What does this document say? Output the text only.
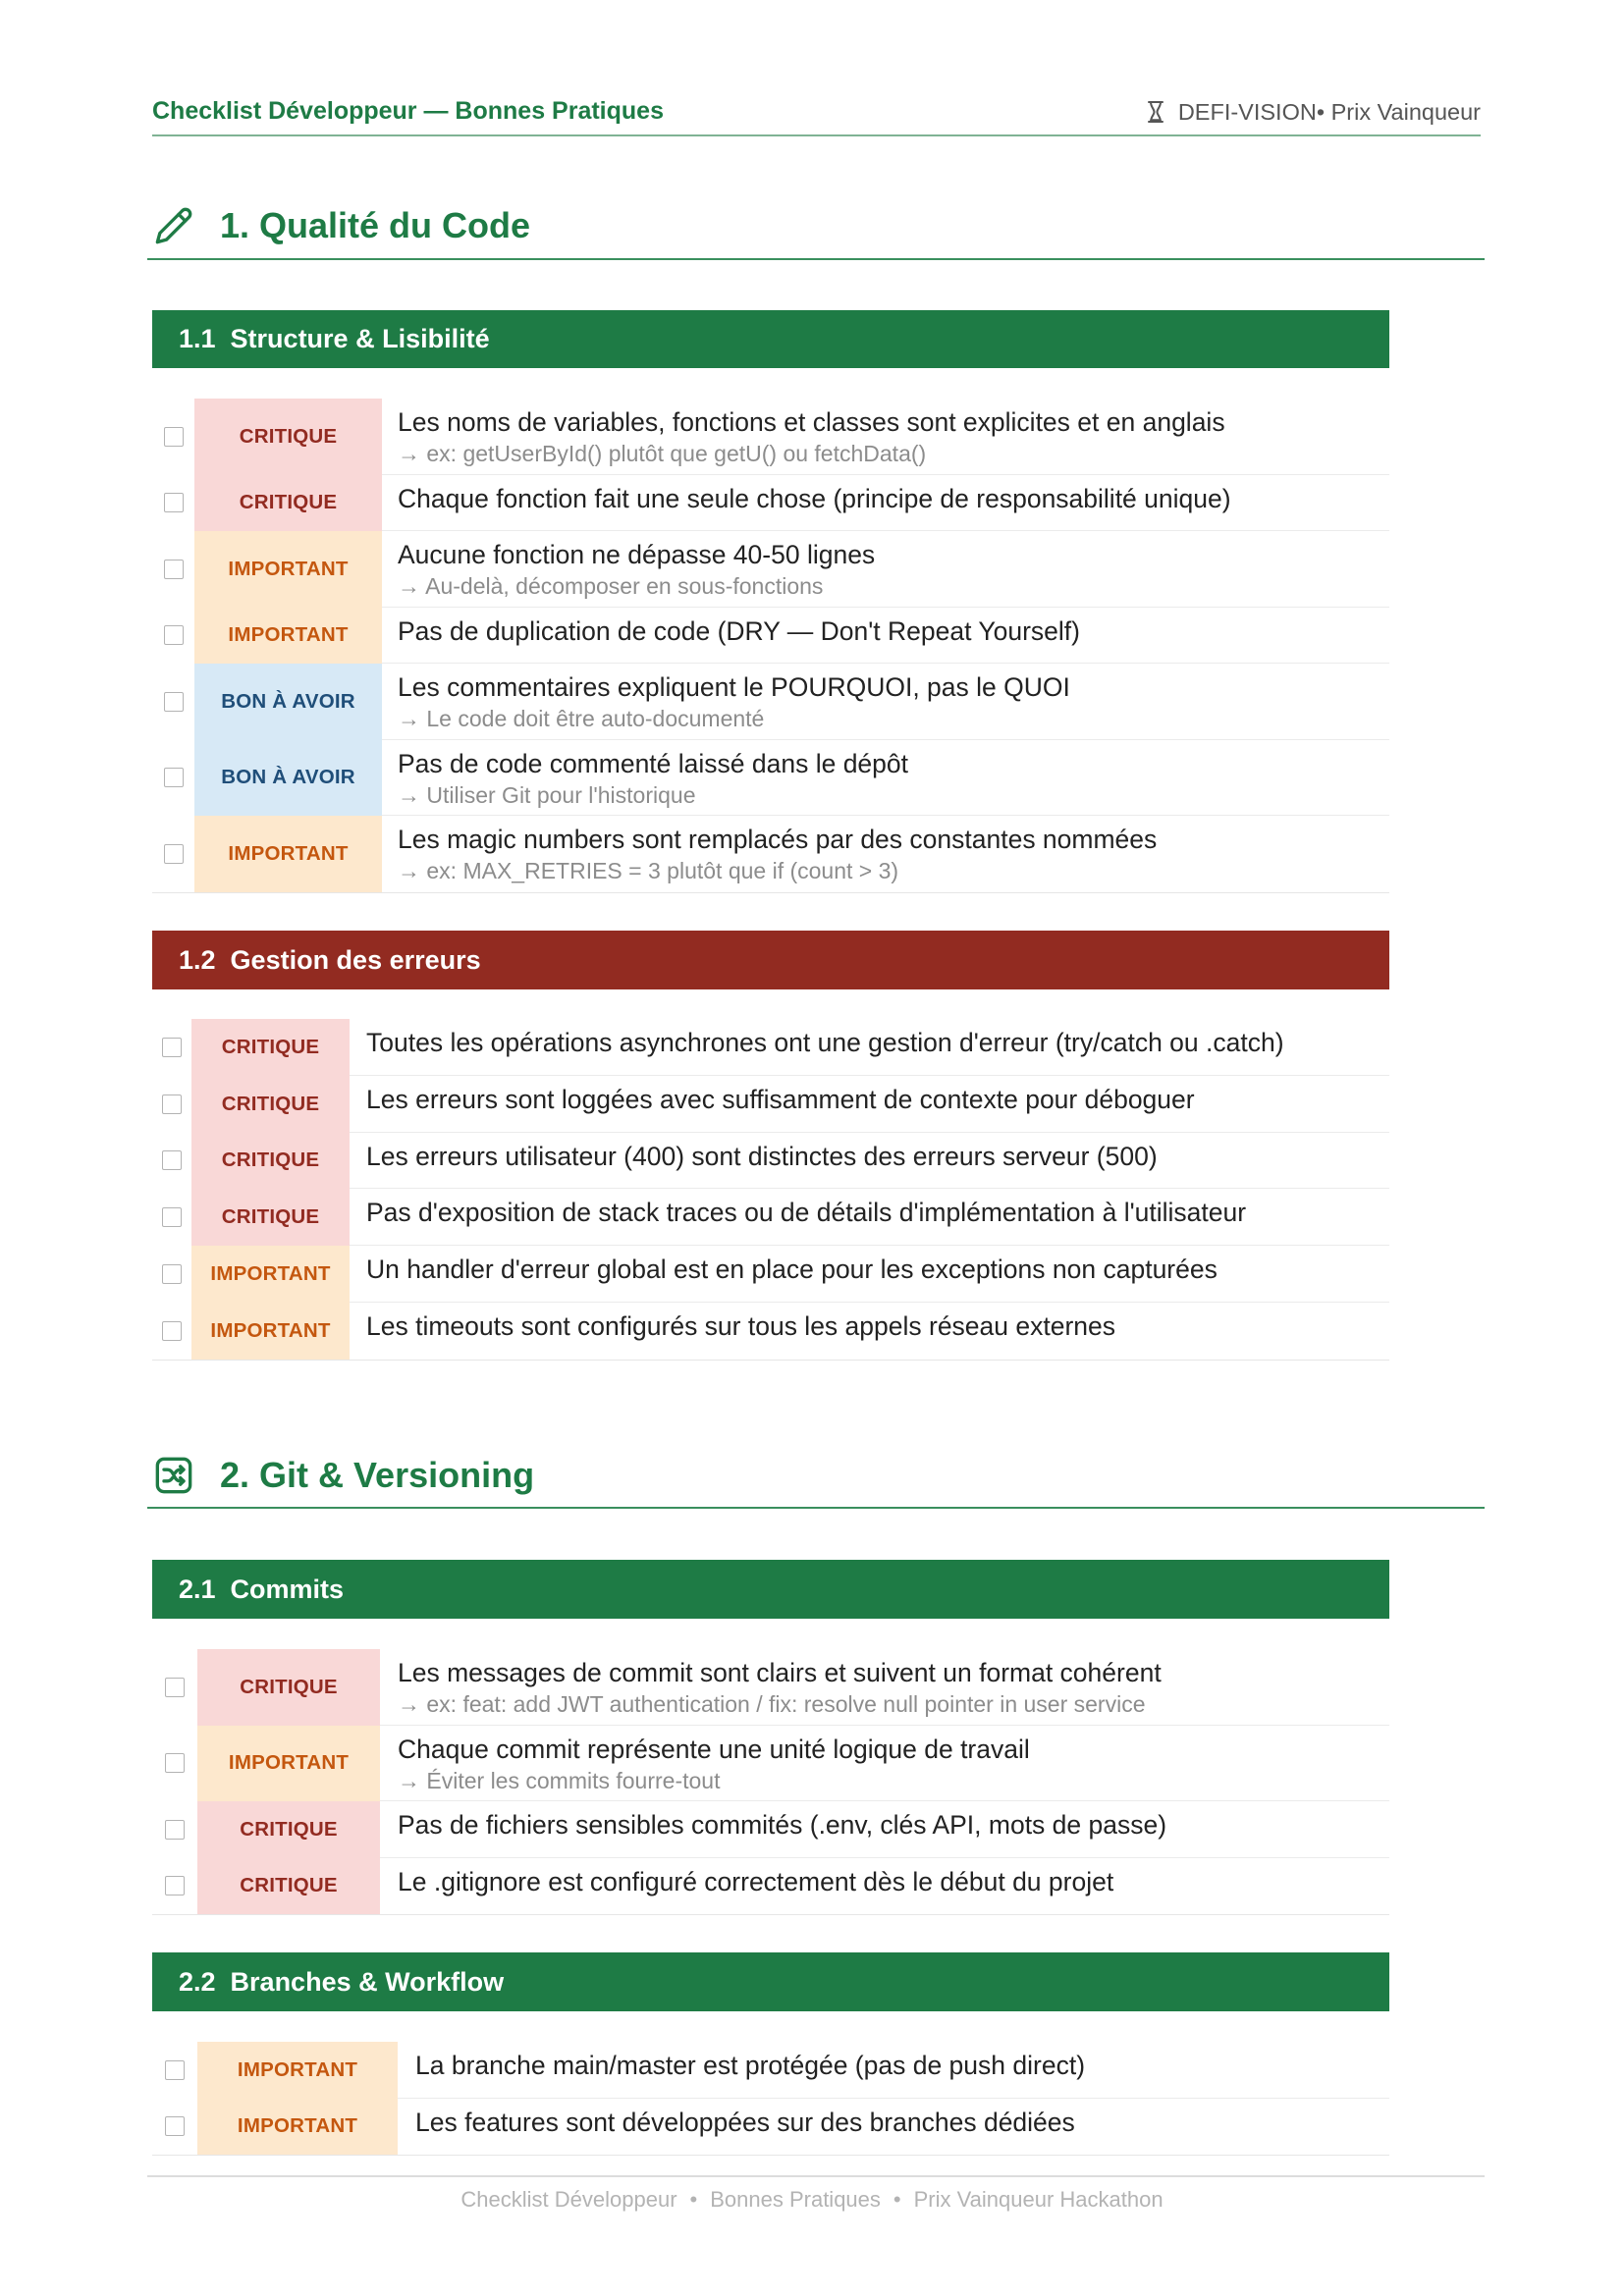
Checklist Développeur — Bonnes Pratiques	DEFI-VISION• Prix Vainqueur
1. Qualité du Code
1.1 Structure & Lisibilité
CRITIQUE	Les noms de variables, fonctions et classes sont explicites et en anglais
→ ex: getUserById() plutôt que getU() ou fetchData()
CRITIQUE	Chaque fonction fait une seule chose (principe de responsabilité unique)
IMPORTANT	Aucune fonction ne dépasse 40-50 lignes
→ Au-delà, décomposer en sous-fonctions
IMPORTANT	Pas de duplication de code (DRY — Don't Repeat Yourself)
BON À AVOIR	Les commentaires expliquent le POURQUOI, pas le QUOI
→ Le code doit être auto-documenté
BON À AVOIR	Pas de code commenté laissé dans le dépôt
→ Utiliser Git pour l'historique
IMPORTANT	Les magic numbers sont remplacés par des constantes nommées
→ ex: MAX_RETRIES = 3 plutôt que if (count > 3)
1.2 Gestion des erreurs
CRITIQUE	Toutes les opérations asynchrones ont une gestion d'erreur (try/catch ou .catch)
CRITIQUE	Les erreurs sont loggées avec suffisamment de contexte pour déboguer
CRITIQUE	Les erreurs utilisateur (400) sont distinctes des erreurs serveur (500)
CRITIQUE	Pas d'exposition de stack traces ou de détails d'implémentation à l'utilisateur
IMPORTANT	Un handler d'erreur global est en place pour les exceptions non capturées
IMPORTANT	Les timeouts sont configurés sur tous les appels réseau externes
2. Git & Versioning
2.1 Commits
CRITIQUE	Les messages de commit sont clairs et suivent un format cohérent
→ ex: feat: add JWT authentication / fix: resolve null pointer in user service
IMPORTANT	Chaque commit représente une unité logique de travail
→ Éviter les commits fourre-tout
CRITIQUE	Pas de fichiers sensibles commités (.env, clés API, mots de passe)
CRITIQUE	Le .gitignore est configuré correctement dès le début du projet
2.2 Branches & Workflow
IMPORTANT	La branche main/master est protégée (pas de push direct)
IMPORTANT	Les features sont développées sur des branches dédiées
Checklist Développeur • Bonnes Pratiques • Prix Vainqueur Hackathon
